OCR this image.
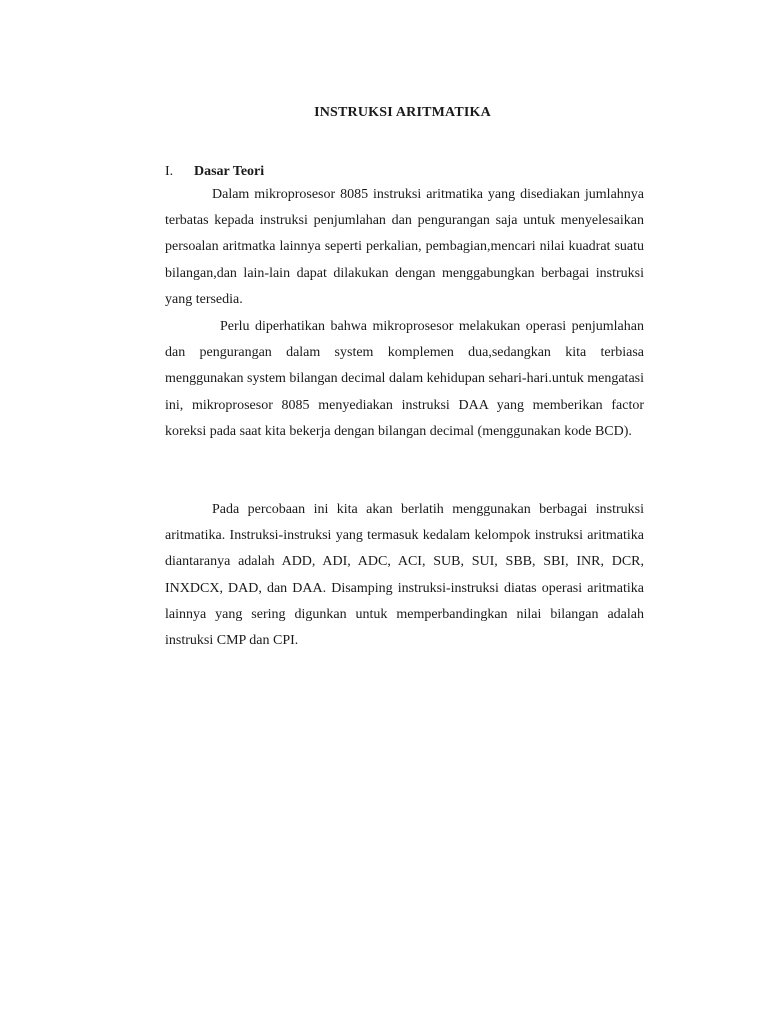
INSTRUKSI ARITMATIKA
I.	Dasar Teori

Dalam mikroprosesor 8085 instruksi aritmatika yang disediakan jumlahnya terbatas kepada instruksi penjumlahan dan pengurangan saja untuk menyelesaikan persoalan aritmatka lainnya seperti perkalian, pembagian,mencari nilai kuadrat suatu bilangan,dan lain-lain dapat dilakukan dengan menggabungkan berbagai instruksi yang tersedia.

Perlu diperhatikan bahwa mikroprosesor melakukan operasi penjumlahan dan pengurangan dalam system komplemen dua,sedangkan kita terbiasa menggunakan system bilangan decimal dalam kehidupan sehari-hari.untuk mengatasi ini, mikroprosesor 8085 menyediakan instruksi DAA yang memberikan factor koreksi pada saat kita bekerja dengan bilangan decimal (menggunakan kode BCD).

Pada percobaan ini kita akan berlatih menggunakan berbagai instruksi aritmatika. Instruksi-instruksi yang termasuk kedalam kelompok instruksi aritmatika diantaranya adalah ADD, ADI, ADC, ACI, SUB, SUI, SBB, SBI, INR, DCR, INXDCX, DAD, dan DAA. Disamping instruksi-instruksi diatas operasi aritmatika lainnya yang sering digunkan untuk memperbandingkan nilai bilangan adalah instruksi CMP dan CPI.
